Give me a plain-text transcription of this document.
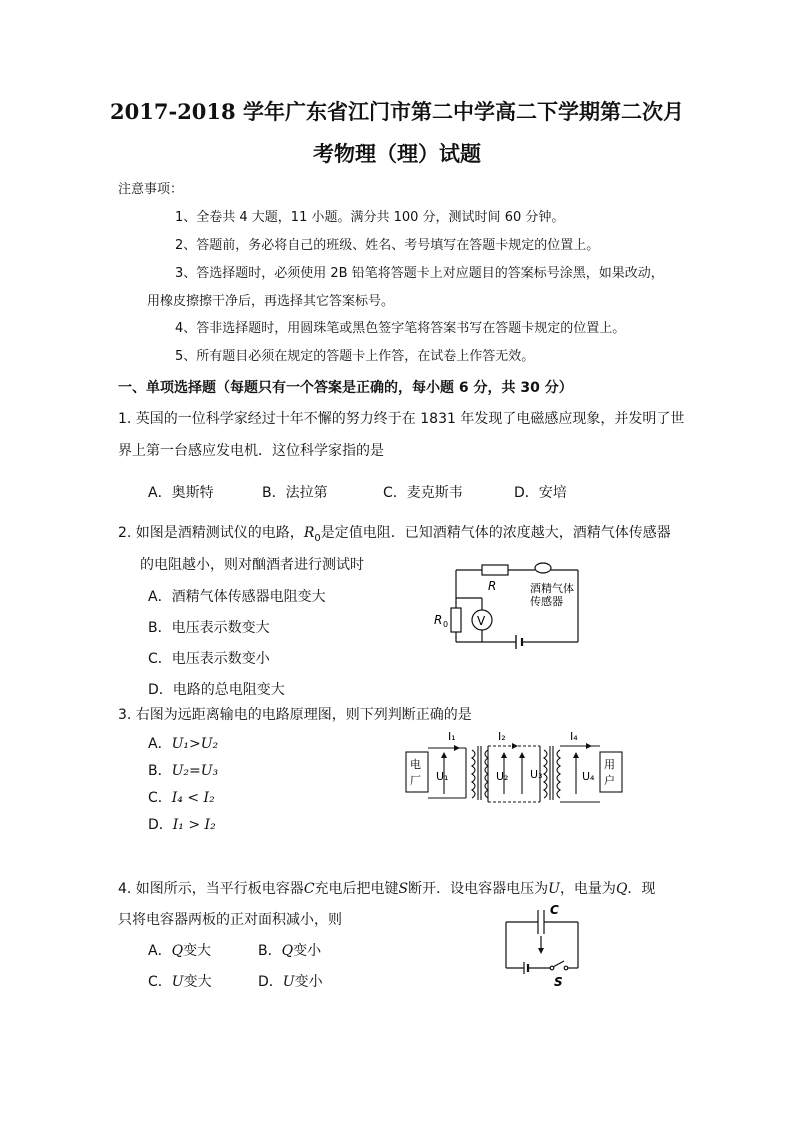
2017-2018 学年广东省江门市第二中学高二下学期第二次月
考物理（理）试题
注意事项：
1、全卷共 4 大题，11 小题。满分共 100 分，测试时间 60 分钟。
2、答题前，务必将自己的班级、姓名、考号填写在答题卡规定的位置上。
3、答选择题时，必须使用 2B 铅笔将答题卡上对应题目的答案标号涂黑，如果改动，
用橡皮擦擦干净后，再选择其它答案标号。
4、答非选择题时，用圆珠笔或黑色签字笔将答案书写在答题卡规定的位置上。
5、所有题目必须在规定的答题卡上作答，在试卷上作答无效。
一、单项选择题（每题只有一个答案是正确的，每小题 6 分，共 30 分）
1. 英国的一位科学家经过十年不懈的努力终于在 1831 年发现了电磁感应现象，并发明了世
界上第一台感应发电机．这位科学家指的是
A．奥斯特	B．法拉第	C．麦克斯韦	D．安培
2. 如图是酒精测试仪的电路，$R_0$是定值电阻．已知酒精气体的浓度越大，酒精气体传感器
的电阻越小，则对酗酒者进行测试时
A．酒精气体传感器电阻变大
B．电压表示数变大
C．电压表示数变小
D．电路的总电阻变大
R	酒精气体
传感器
R 0 V
3. 右图为远距离输电的电路原理图，则下列判断正确的是
A．U₁>U₂
B．U₂=U₃
C．I₄ < I₂
D．I₁ > I₂
电
厂
用
户
U₁	U₂ U₃	U₄
I₁	I₂	I₄
4. 如图所示，当平行板电容器C充电后把电键S断开．设电容器电压为U，电量为Q．现
只将电容器两板的正对面积减小，则
A．Q变大	B．Q变小
C．U变大	D．U变小
C
S
